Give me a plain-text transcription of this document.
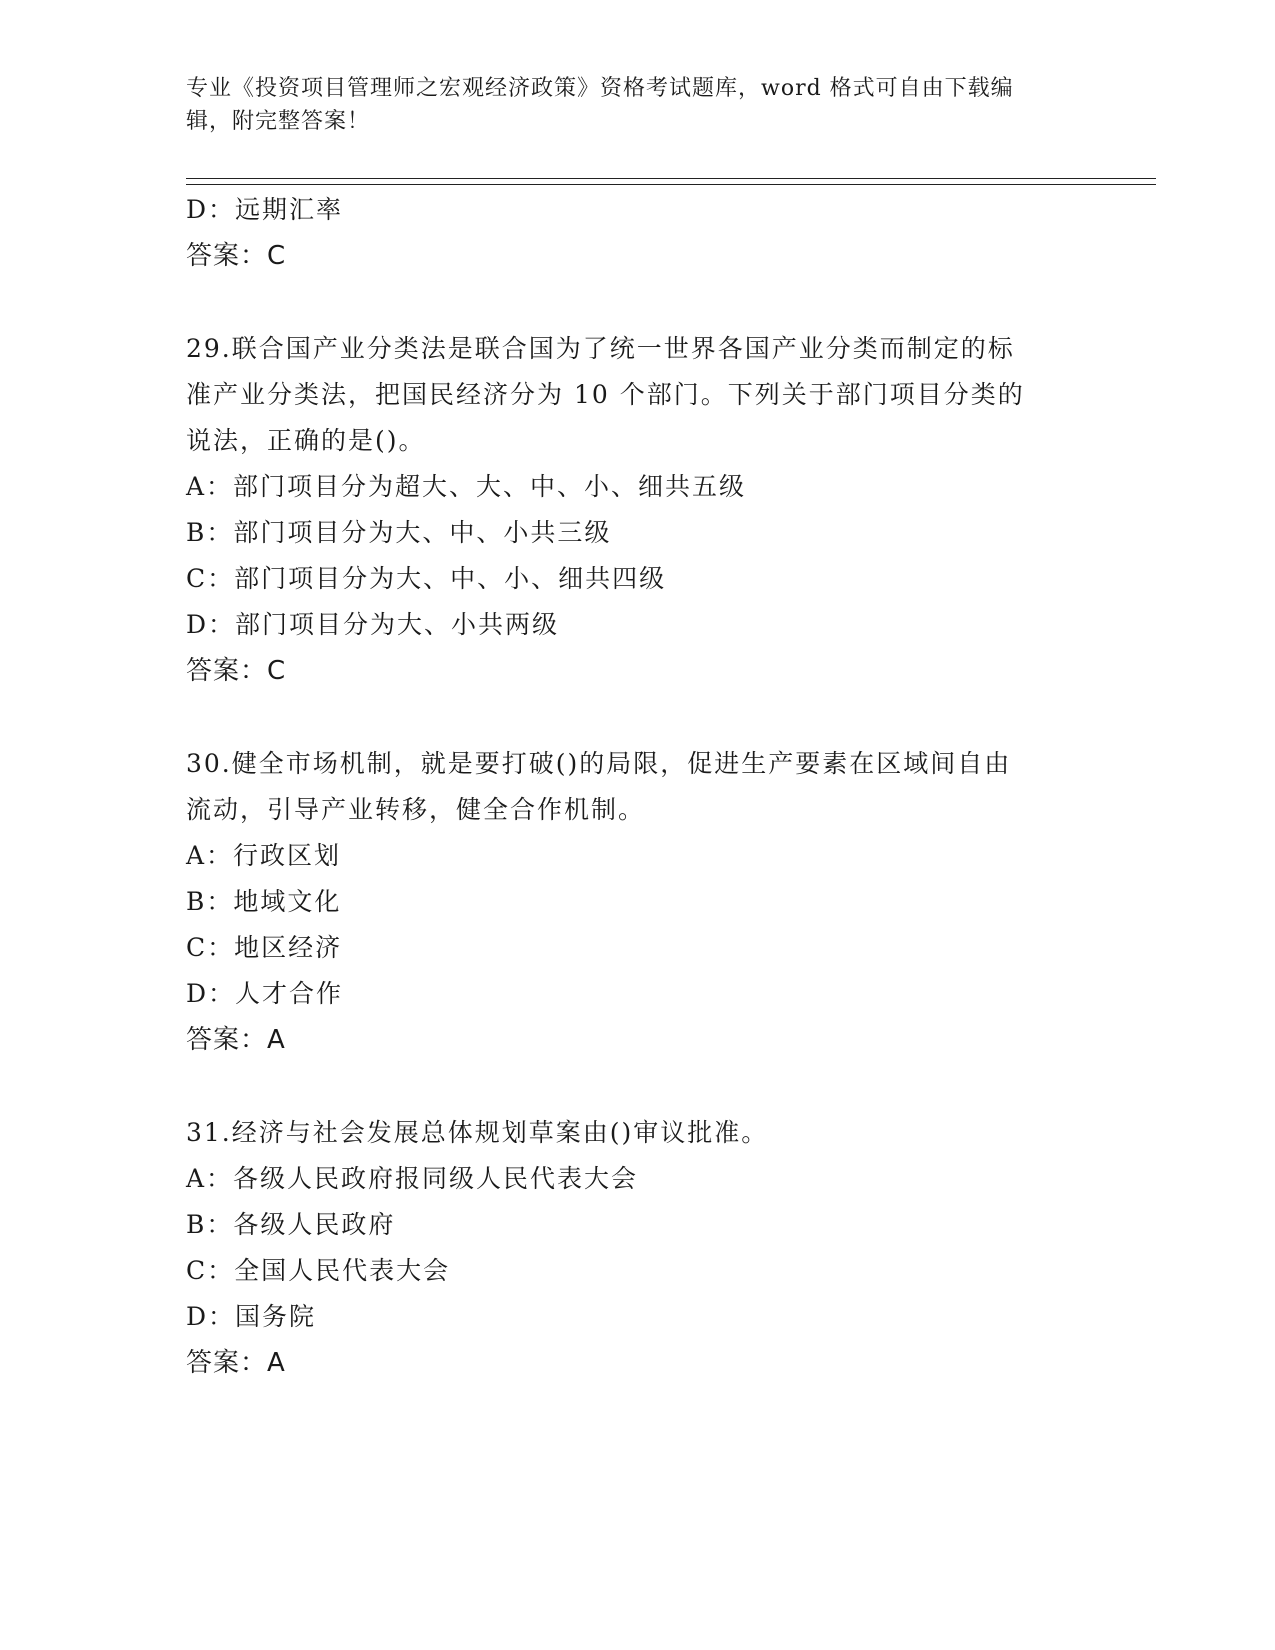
专业《投资项目管理师之宏观经济政策》资格考试题库，word 格式可自由下载编
辑，附完整答案！
D：远期汇率
答案：C
29.联合国产业分类法是联合国为了统一世界各国产业分类而制定的标
准产业分类法，把国民经济分为 10 个部门。下列关于部门项目分类的
说法，正确的是()。
A：部门项目分为超大、大、中、小、细共五级
B：部门项目分为大、中、小共三级
C：部门项目分为大、中、小、细共四级
D：部门项目分为大、小共两级
答案：C
30.健全市场机制，就是要打破()的局限，促进生产要素在区域间自由
流动，引导产业转移，健全合作机制。
A：行政区划
B：地域文化
C：地区经济
D：人才合作
答案：A
31.经济与社会发展总体规划草案由()审议批准。
A：各级人民政府报同级人民代表大会
B：各级人民政府
C：全国人民代表大会
D：国务院
答案：A
